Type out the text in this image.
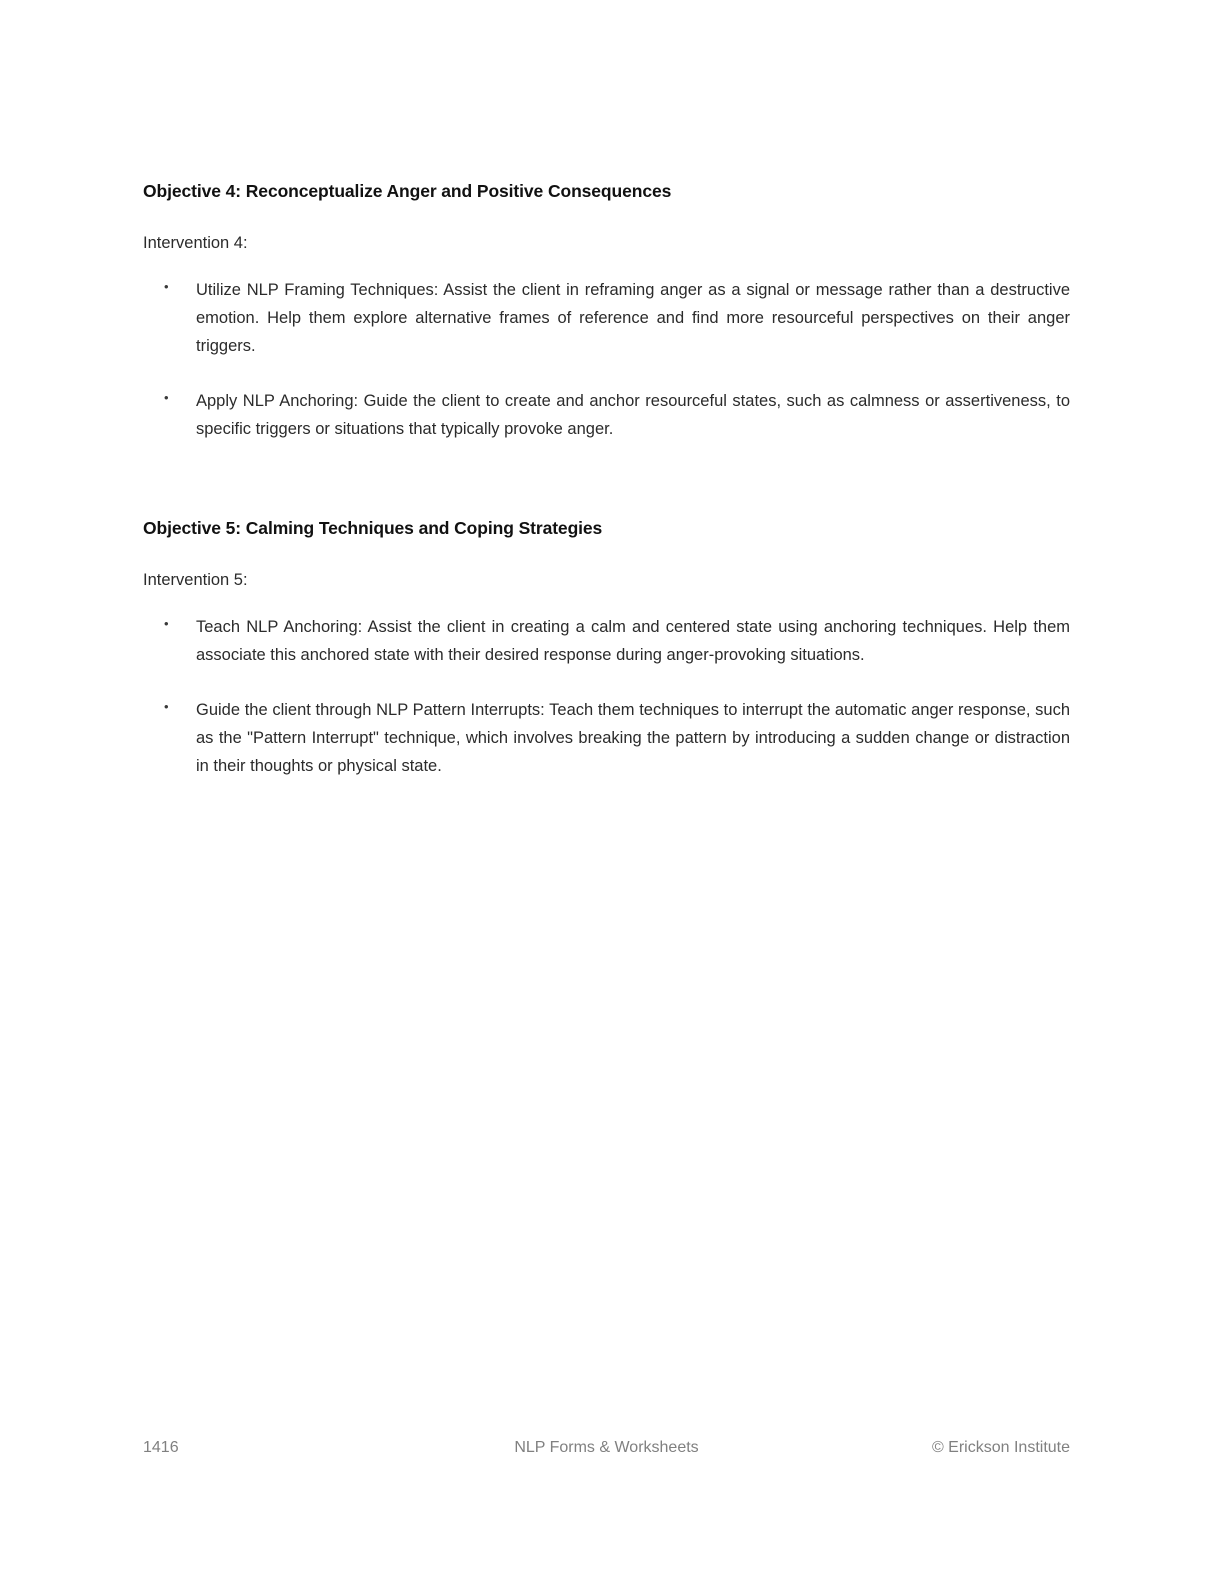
Objective 4: Reconceptualize Anger and Positive Consequences

Intervention 4:

• Utilize NLP Framing Techniques: Assist the client in reframing anger as a signal or message rather than a destructive emotion. Help them explore alternative frames of reference and find more resourceful perspectives on their anger triggers.
• Apply NLP Anchoring: Guide the client to create and anchor resourceful states, such as calmness or assertiveness, to specific triggers or situations that typically provoke anger.
Objective 5: Calming Techniques and Coping Strategies

Intervention 5:

• Teach NLP Anchoring: Assist the client in creating a calm and centered state using anchoring techniques. Help them associate this anchored state with their desired response during anger-provoking situations.
• Guide the client through NLP Pattern Interrupts: Teach them techniques to interrupt the automatic anger response, such as the "Pattern Interrupt" technique, which involves breaking the pattern by introducing a sudden change or distraction in their thoughts or physical state.
1416	NLP Forms & Worksheets	© Erickson Institute
